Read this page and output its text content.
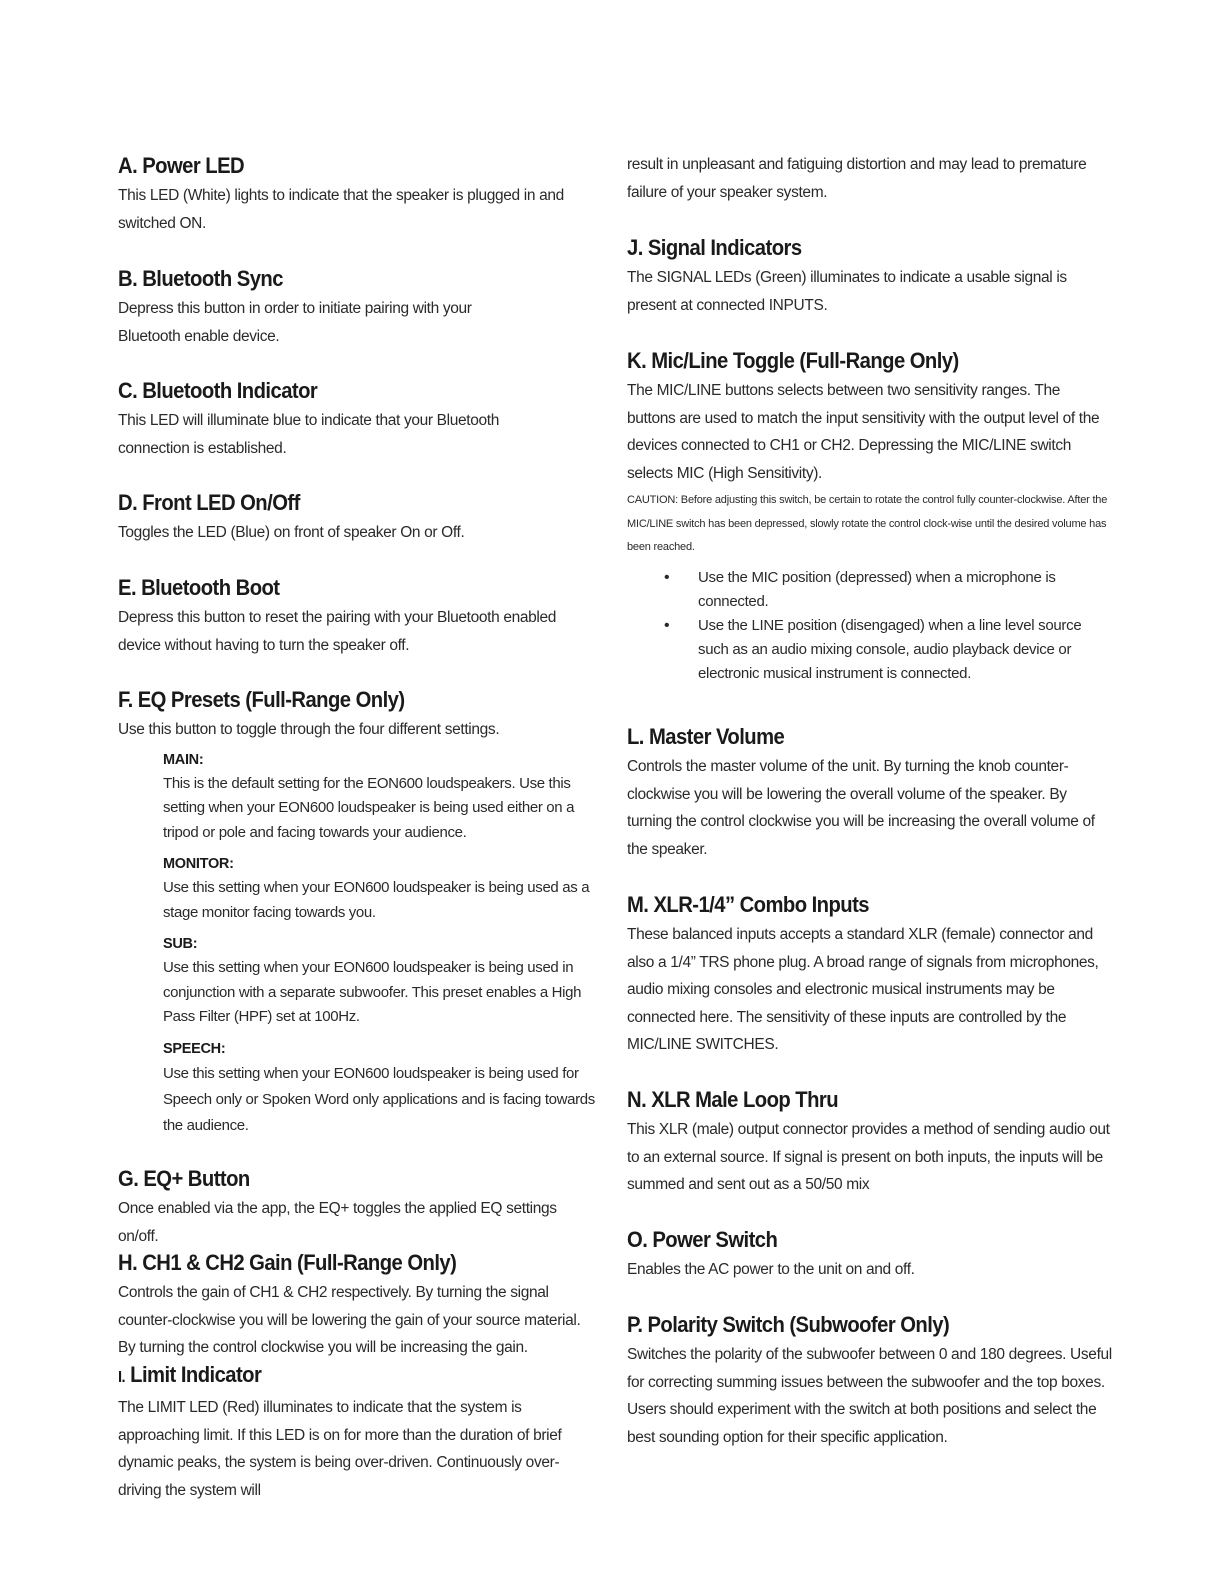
A. Power LED

This LED (White) lights to indicate that the speaker is plugged in and switched ON.

B. Bluetooth Sync

Depress this button in order to initiate pairing with your
Bluetooth enable device.

C. Bluetooth Indicator

This LED will illuminate blue to indicate that your Bluetooth
connection is established.

D. Front LED On/Off

Toggles the LED (Blue) on front of speaker On or Off.

E. Bluetooth Boot

Depress this button to reset the pairing with your Bluetooth enabled device without having to turn the speaker off.

F. EQ Presets (Full-Range Only)

Use this button to toggle through the four different settings.

MAIN:

This is the default setting for the EON600 loudspeakers. Use this setting when your EON600 loudspeaker is being used either on a tripod or pole and facing towards your audience.

MONITOR:

Use this setting when your EON600 loudspeaker is being used as a stage monitor facing towards you.

SUB:

Use this setting when your EON600 loudspeaker is being used in conjunction with a separate subwoofer. This preset enables a High Pass Filter (HPF) set at 100Hz.

SPEECH:

Use this setting when your EON600 loudspeaker is being used for Speech only or Spoken Word only applications and is facing towards the audience.

G. EQ+ Button

Once enabled via the app, the EQ+ toggles the applied EQ settings on/off.

H. CH1 & CH2 Gain (Full-Range Only)

Controls the gain of CH1 & CH2 respectively. By turning the signal counter-clockwise you will be lowering the gain of your source material. By turning the control clockwise you will be increasing the gain.

I. Limit Indicator

The LIMIT LED (Red) illuminates to indicate that the system is approaching limit. If this LED is on for more than the duration of brief dynamic peaks, the system is being over-driven. Continuously over-driving the system will

result in unpleasant and fatiguing distortion and may lead to premature failure of your speaker system.

J. Signal Indicators

The SIGNAL LEDs (Green) illuminates to indicate a usable signal is present at connected INPUTS.

K. Mic/Line Toggle (Full-Range Only)

The MIC/LINE buttons selects between two sensitivity ranges. The buttons are used to match the input sensitivity with the output level of the devices connected to CH1 or CH2. Depressing the MIC/LINE switch selects MIC (High Sensitivity).

CAUTION: Before adjusting this switch, be certain to rotate the control fully counter-clockwise. After the MIC/LINE switch has been depressed, slowly rotate the control clock-wise until the desired volume has been reached.

• Use the MIC position (depressed) when a microphone is connected.
• Use the LINE position (disengaged) when a line level source such as an audio mixing console, audio playback device or electronic musical instrument is connected.
L. Master Volume

Controls the master volume of the unit. By turning the knob counter-clockwise you will be lowering the overall volume of the speaker. By turning the control clockwise you will be increasing the overall volume of the speaker.

M. XLR-1/4” Combo Inputs

These balanced inputs accepts a standard XLR (female) connector and also a 1/4” TRS phone plug. A broad range of signals from microphones, audio mixing consoles and electronic musical instruments may be connected here. The sensitivity of these inputs are controlled by the MIC/LINE SWITCHES.

N. XLR Male Loop Thru

This XLR (male) output connector provides a method of sending audio out to an external source. If signal is present on both inputs, the inputs will be summed and sent out as a 50/50 mix

O. Power Switch

Enables the AC power to the unit on and off.

P. Polarity Switch (Subwoofer Only)

Switches the polarity of the subwoofer between 0 and 180 degrees. Useful for correcting summing issues between the subwoofer and the top boxes. Users should experiment with the switch at both positions and select the best sounding option for their specific application.
